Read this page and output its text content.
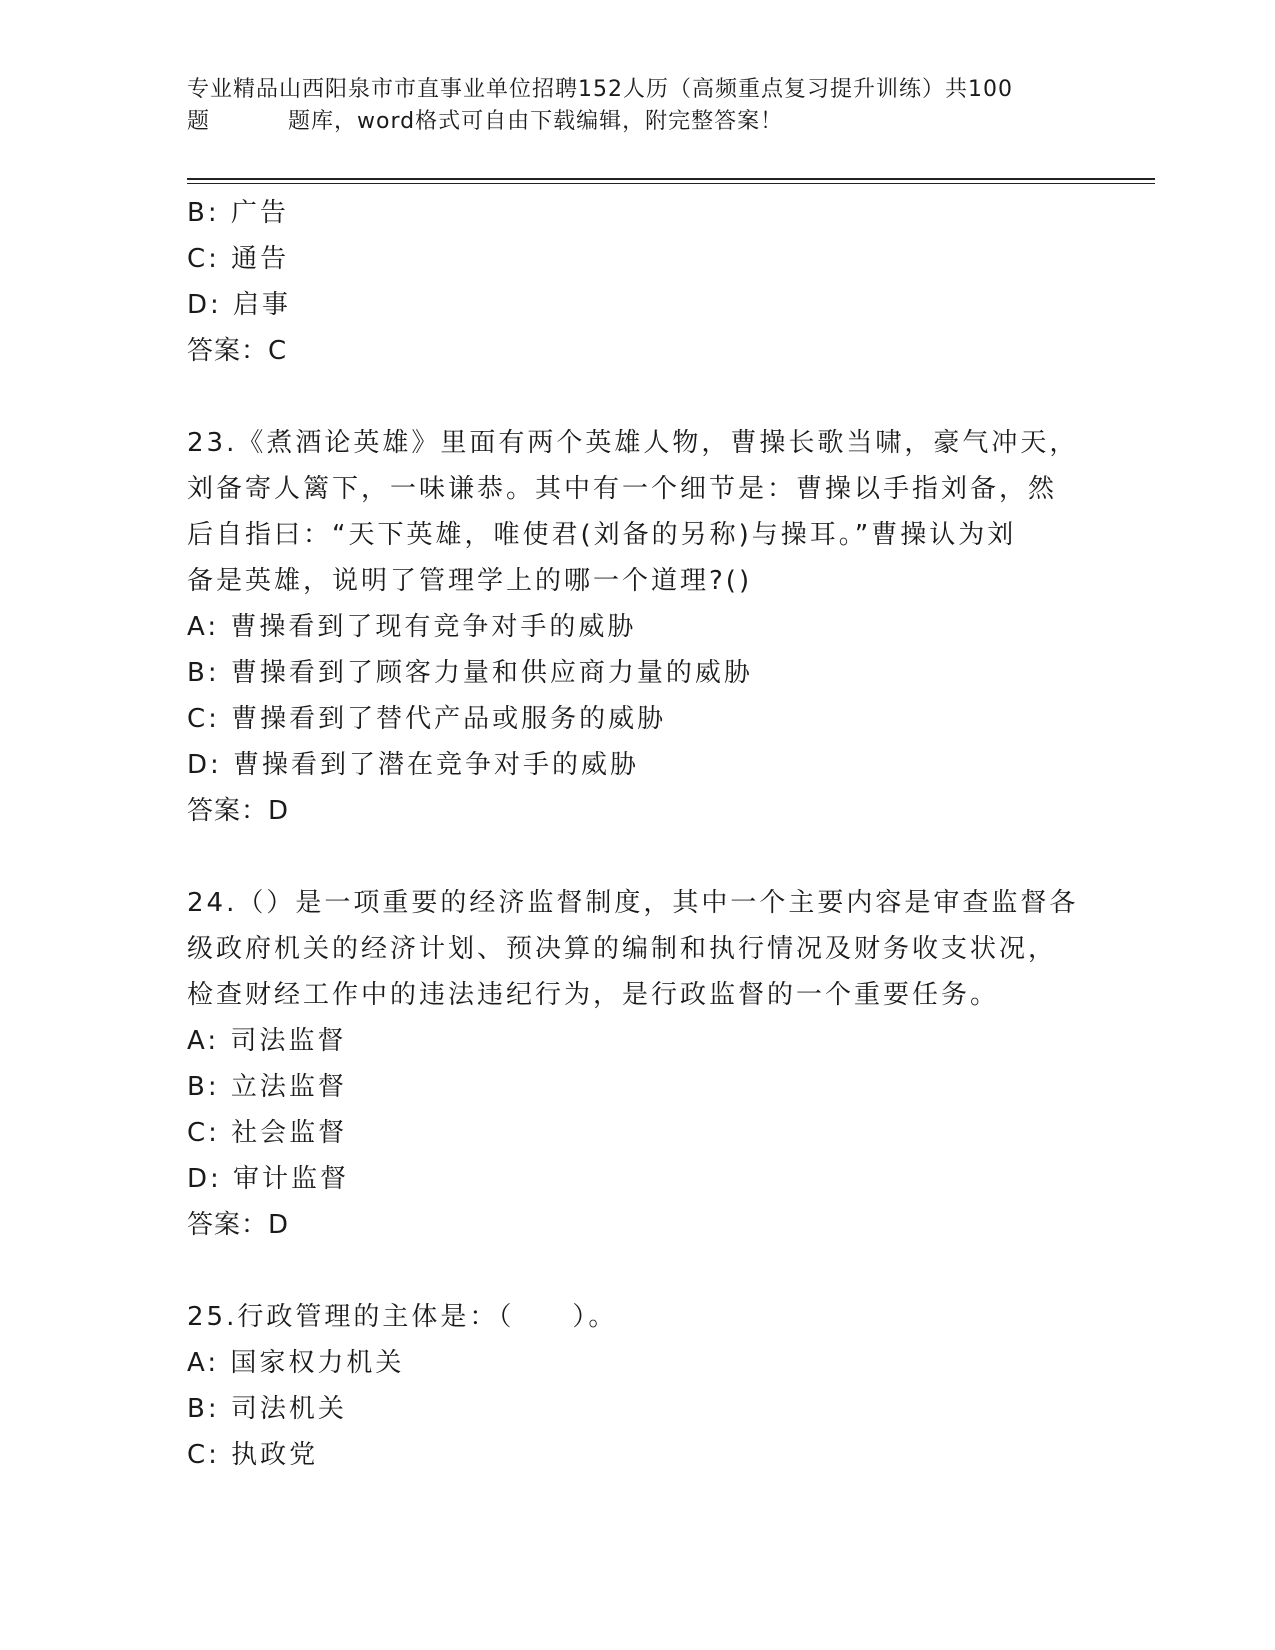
专业精品山西阳泉市市直事业单位招聘152人历（高频重点复习提升训练）共100
题	题库，word格式可自由下载编辑，附完整答案！
B: 广告
C: 通告
D: 启事
答案：C
23.《煮酒论英雄》里面有两个英雄人物，曹操长歌当啸，豪气冲天，
刘备寄人篱下，一味谦恭。其中有一个细节是：曹操以手指刘备，然
后自指曰：“天下英雄，唯使君(刘备的另称)与操耳。”曹操认为刘
备是英雄，说明了管理学上的哪一个道理?()
A: 曹操看到了现有竞争对手的威胁
B: 曹操看到了顾客力量和供应商力量的威胁
C: 曹操看到了替代产品或服务的威胁
D: 曹操看到了潜在竞争对手的威胁
答案：D
24.（）是一项重要的经济监督制度，其中一个主要内容是审查监督各
级政府机关的经济计划、预决算的编制和执行情况及财务收支状况，
检查财经工作中的违法违纪行为，是行政监督的一个重要任务。
A: 司法监督
B: 立法监督
C: 社会监督
D: 审计监督
答案：D
25.行政管理的主体是：（　　）。
A: 国家权力机关
B: 司法机关
C: 执政党
